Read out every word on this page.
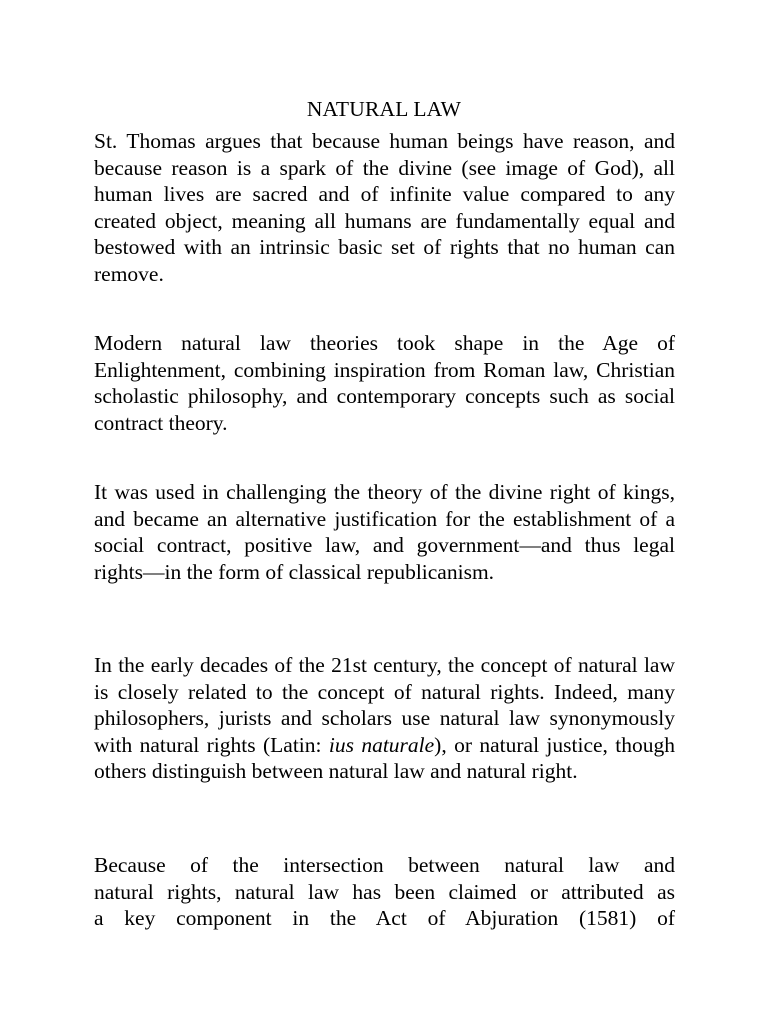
NATURAL LAW

St. Thomas argues that because human beings have reason, and because reason is a spark of the divine (see image of God), all human lives are sacred and of infinite value compared to any created object, meaning all humans are fundamentally equal and bestowed with an intrinsic basic set of rights that no human can remove.

Modern natural law theories took shape in the Age of Enlightenment, combining inspiration from Roman law, Christian scholastic philosophy, and contemporary concepts such as social contract theory.

It was used in challenging the theory of the divine right of kings, and became an alternative justification for the establishment of a social contract, positive law, and government—and thus legal rights—in the form of classical republicanism.

In the early decades of the 21st century, the concept of natural law is closely related to the concept of natural rights. Indeed, many philosophers, jurists and scholars use natural law synonymously with natural rights (Latin: ius naturale), or natural justice, though others distinguish between natural law and natural right.

Because of the intersection between natural law and
natural rights, natural law has been claimed or attributed as
a key component in the Act of Abjuration (1581) of
